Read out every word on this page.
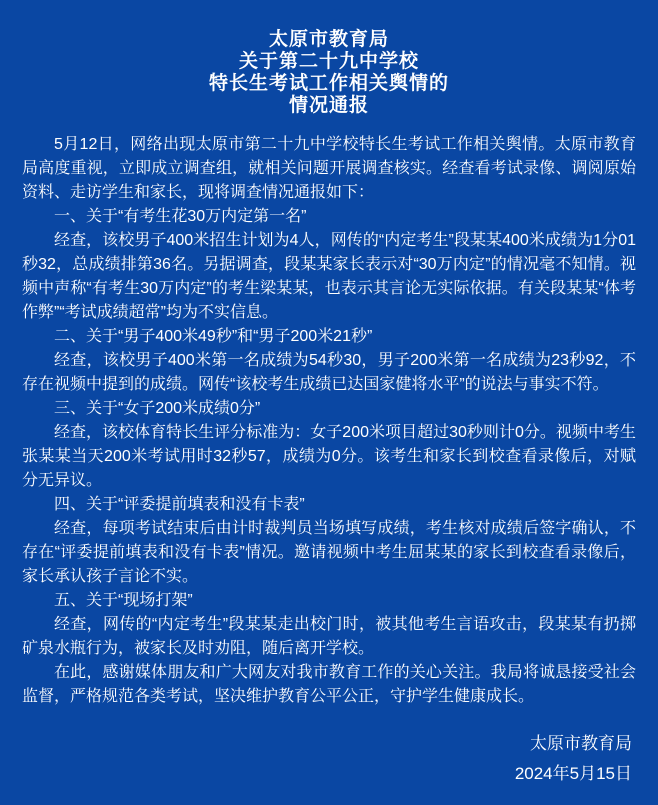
太原市教育局
关于第二十九中学校
特长生考试工作相关舆情的
情况通报

5月12日，网络出现太原市第二十九中学校特长生考试工作相关舆情。太原市教育局高度重视，立即成立调查组，就相关问题开展调查核实。经查看考试录像、调阅原始资料、走访学生和家长，现将调查情况通报如下：

一、关于“有考生花30万内定第一名”

经查，该校男子400米招生计划为4人，网传的“内定考生”段某某400米成绩为1分01秒32，总成绩排第36名。另据调查，段某某家长表示对“30万内定”的情况毫不知情。视频中声称“有考生30万内定”的考生梁某某，也表示其言论无实际依据。有关段某某“体考作弊”“考试成绩超常”均为不实信息。

二、关于“男子400米49秒”和“男子200米21秒”

经查，该校男子400米第一名成绩为54秒30，男子200米第一名成绩为23秒92，不存在视频中提到的成绩。网传“该校考生成绩已达国家健将水平”的说法与事实不符。

三、关于“女子200米成绩0分”

经查，该校体育特长生评分标准为：女子200米项目超过30秒则计0分。视频中考生张某某当天200米考试用时32秒57，成绩为0分。该考生和家长到校查看录像后，对赋分无异议。

四、关于“评委提前填表和没有卡表”

经查，每项考试结束后由计时裁判员当场填写成绩，考生核对成绩后签字确认，不存在“评委提前填表和没有卡表”情况。邀请视频中考生屈某某的家长到校查看录像后，家长承认孩子言论不实。

五、关于“现场打架”

经查，网传的“内定考生”段某某走出校门时，被其他考生言语攻击，段某某有扔掷矿泉水瓶行为，被家长及时劝阻，随后离开学校。

在此，感谢媒体朋友和广大网友对我市教育工作的关心关注。我局将诚恳接受社会监督，严格规范各类考试，坚决维护教育公平公正，守护学生健康成长。

太原市教育局
2024年5月15日
